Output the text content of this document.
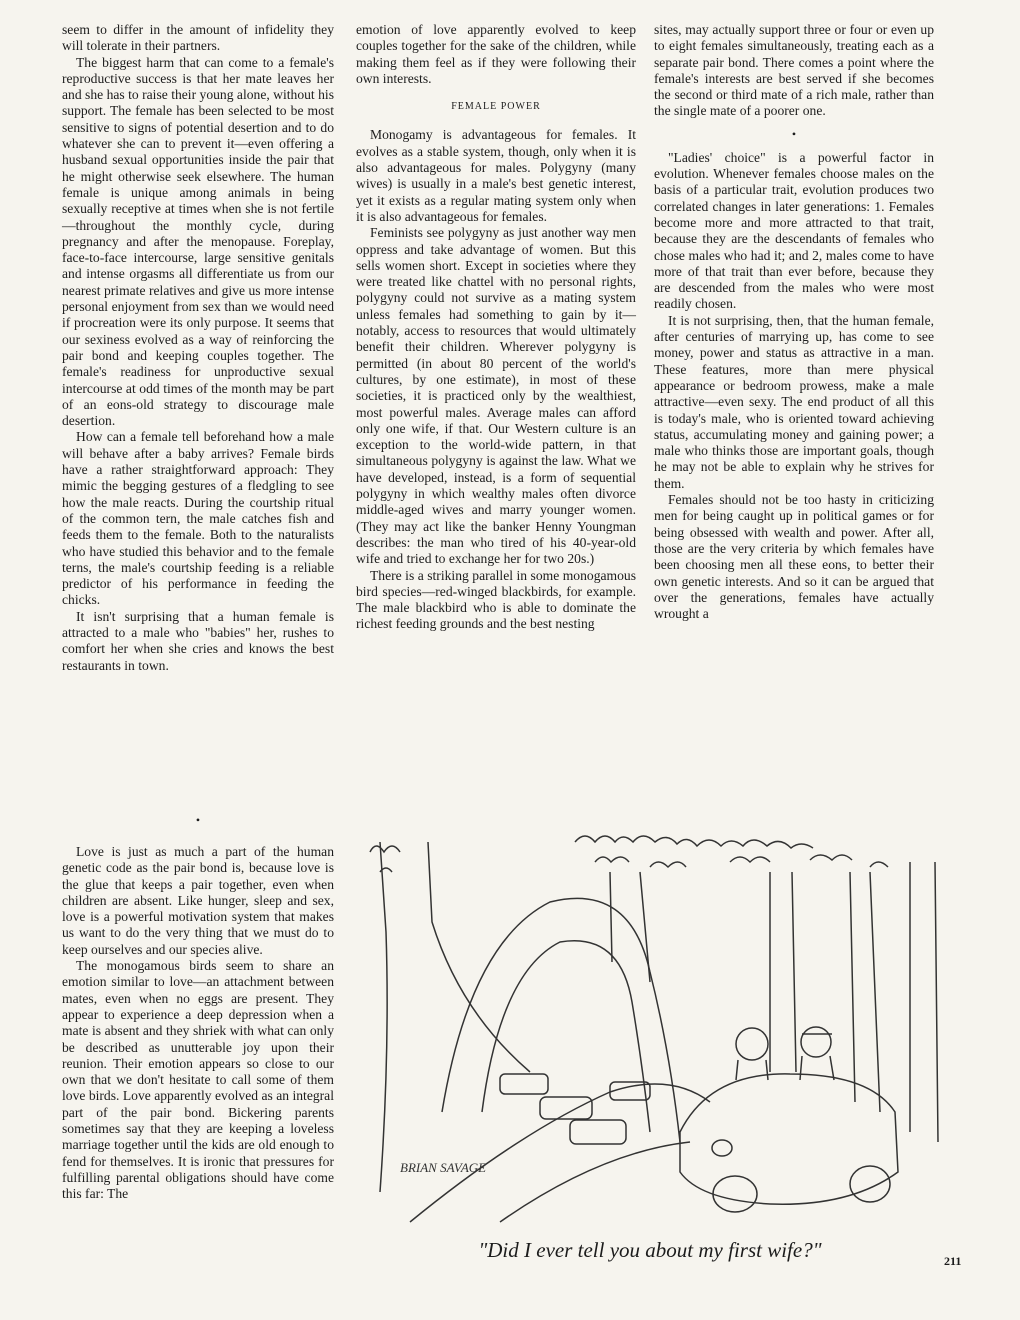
seem to differ in the amount of infidelity they will tolerate in their partners.

The biggest harm that can come to a female's reproductive success is that her mate leaves her and she has to raise their young alone, without his support. The female has been selected to be most sensitive to signs of potential desertion and to do whatever she can to prevent it—even offering a husband sexual opportunities inside the pair that he might otherwise seek elsewhere. The human female is unique among animals in being sexually receptive at times when she is not fertile—throughout the monthly cycle, during pregnancy and after the menopause. Foreplay, face-to-face intercourse, large sensitive genitals and intense orgasms all differentiate us from our nearest primate relatives and give us more intense personal enjoyment from sex than we would need if procreation were its only purpose. It seems that our sexiness evolved as a way of reinforcing the pair bond and keeping couples together. The female's readiness for unproductive sexual intercourse at odd times of the month may be part of an eons-old strategy to discourage male desertion.

How can a female tell beforehand how a male will behave after a baby arrives? Female birds have a rather straightforward approach: They mimic the begging gestures of a fledgling to see how the male reacts. During the courtship ritual of the common tern, the male catches fish and feeds them to the female. Both to the naturalists who have studied this behavior and to the female terns, the male's courtship feeding is a reliable predictor of his performance in feeding the chicks.

It isn't surprising that a human female is attracted to a male who "babies" her, rushes to comfort her when she cries and knows the best restaurants in town.

•

Love is just as much a part of the human genetic code as the pair bond is, because love is the glue that keeps a pair together, even when children are absent. Like hunger, sleep and sex, love is a powerful motivation system that makes us want to do the very thing that we must do to keep ourselves and our species alive.

The monogamous birds seem to share an emotion similar to love—an attachment between mates, even when no eggs are present. They appear to experience a deep depression when a mate is absent and they shriek with what can only be described as unutterable joy upon their reunion. Their emotion appears so close to our own that we don't hesitate to call some of them love birds. Love apparently evolved as an integral part of the pair bond. Bickering parents sometimes say that they are keeping a loveless marriage together until the kids are old enough to fend for themselves. It is ironic that pressures for fulfilling parental obligations should have come this far: The

emotion of love apparently evolved to keep couples together for the sake of the children, while making them feel as if they were following their own interests.

FEMALE POWER

Monogamy is advantageous for females. It evolves as a stable system, though, only when it is also advantageous for males. Polygyny (many wives) is usually in a male's best genetic interest, yet it exists as a regular mating system only when it is also advantageous for females.

Feminists see polygyny as just another way men oppress and take advantage of women. But this sells women short. Except in societies where they were treated like chattel with no personal rights, polygyny could not survive as a mating system unless females had something to gain by it—notably, access to resources that would ultimately benefit their children. Wherever polygyny is permitted (in about 80 percent of the world's cultures, by one estimate), in most of these societies, it is practiced only by the wealthiest, most powerful males. Average males can afford only one wife, if that. Our Western culture is an exception to the world-wide pattern, in that simultaneous polygyny is against the law. What we have developed, instead, is a form of sequential polygyny in which wealthy males often divorce middle-aged wives and marry younger women. (They may act like the banker Henny Youngman describes: the man who tired of his 40-year-old wife and tried to exchange her for two 20s.)

There is a striking parallel in some monogamous bird species—red-winged blackbirds, for example. The male blackbird who is able to dominate the richest feeding grounds and the best nesting

sites, may actually support three or four or even up to eight females simultaneously, treating each as a separate pair bond. There comes a point where the female's interests are best served if she becomes the second or third mate of a rich male, rather than the single mate of a poorer one.

•

"Ladies' choice" is a powerful factor in evolution. Whenever females choose males on the basis of a particular trait, evolution produces two correlated changes in later generations: 1. Females become more and more attracted to that trait, because they are the descendants of females who chose males who had it; and 2, males come to have more of that trait than ever before, because they are descended from the males who were most readily chosen.

It is not surprising, then, that the human female, after centuries of marrying up, has come to see money, power and status as attractive in a man. These features, more than mere physical appearance or bedroom prowess, make a male attractive—even sexy. The end product of all this is today's male, who is oriented toward achieving status, accumulating money and gaining power; a male who thinks those are important goals, though he may not be able to explain why he strives for them.

Females should not be too hasty in criticizing men for being caught up in political games or for being obsessed with wealth and power. After all, those are the very criteria by which females have been choosing men all these eons, to better their own genetic interests. And so it can be argued that over the generations, females have actually wrought a

BRIAN SAVAGE
"Did I ever tell you about my first wife?"	211
